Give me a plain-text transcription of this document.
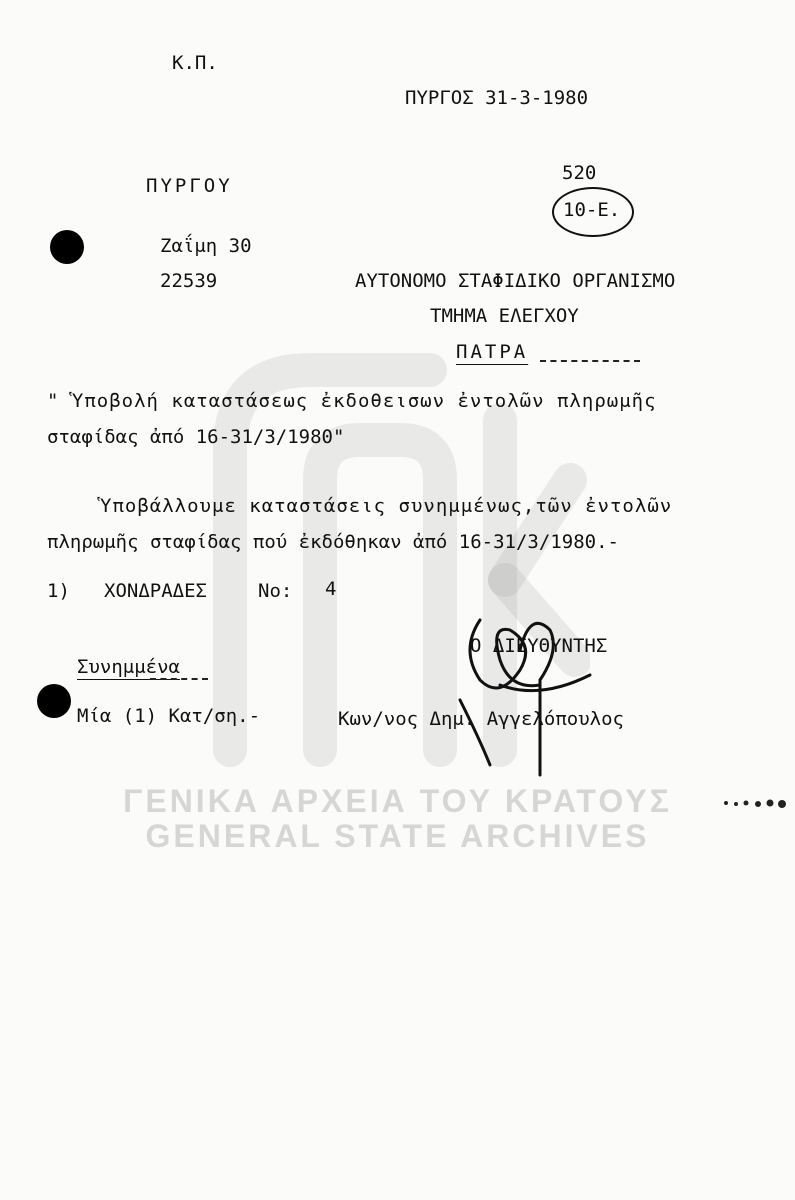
Κ.Π.
ΠΥΡΓΟΣ 31-3-1980
ΠΥΡΓΟΥ
520
10-Ε.
Ζαΐμη 30
22539	ΑΥΤΟΝΟΜΟ ΣΤΑΦΙΔΙΚΟ ΟΡΓΑΝΙΣΜΟ
ΤΜΗΜΑ ΕΛΕΓΧΟΥ
ΠΑΤΡΑ
" Ὑποβολή καταστάσεως ἐκδοθεισων ἐντολῶν πληρωμῆς
σταφίδας ἀπό 16-31/3/1980"
Ὑποβάλλουμε καταστάσεις συνημμένως,τῶν ἐντολῶν
πληρωμῆς σταφίδας πού ἐκδόθηκαν ἀπό 16-31/3/1980.-
1) ΧΟΝΔΡΑΔΕΣ	Νο: 4
Ο ΔΙΕΥΘΥΝΤΗΣ
Κων/νος Δημ. Αγγελόπουλος
Συνημμένα
Μία (1) Κατ/ση.-
ΓΕΝΙΚΑ ΑΡΧΕΙΑ ΤΟΥ ΚΡΑΤΟΥΣ
GENERAL STATE ARCHIVES
